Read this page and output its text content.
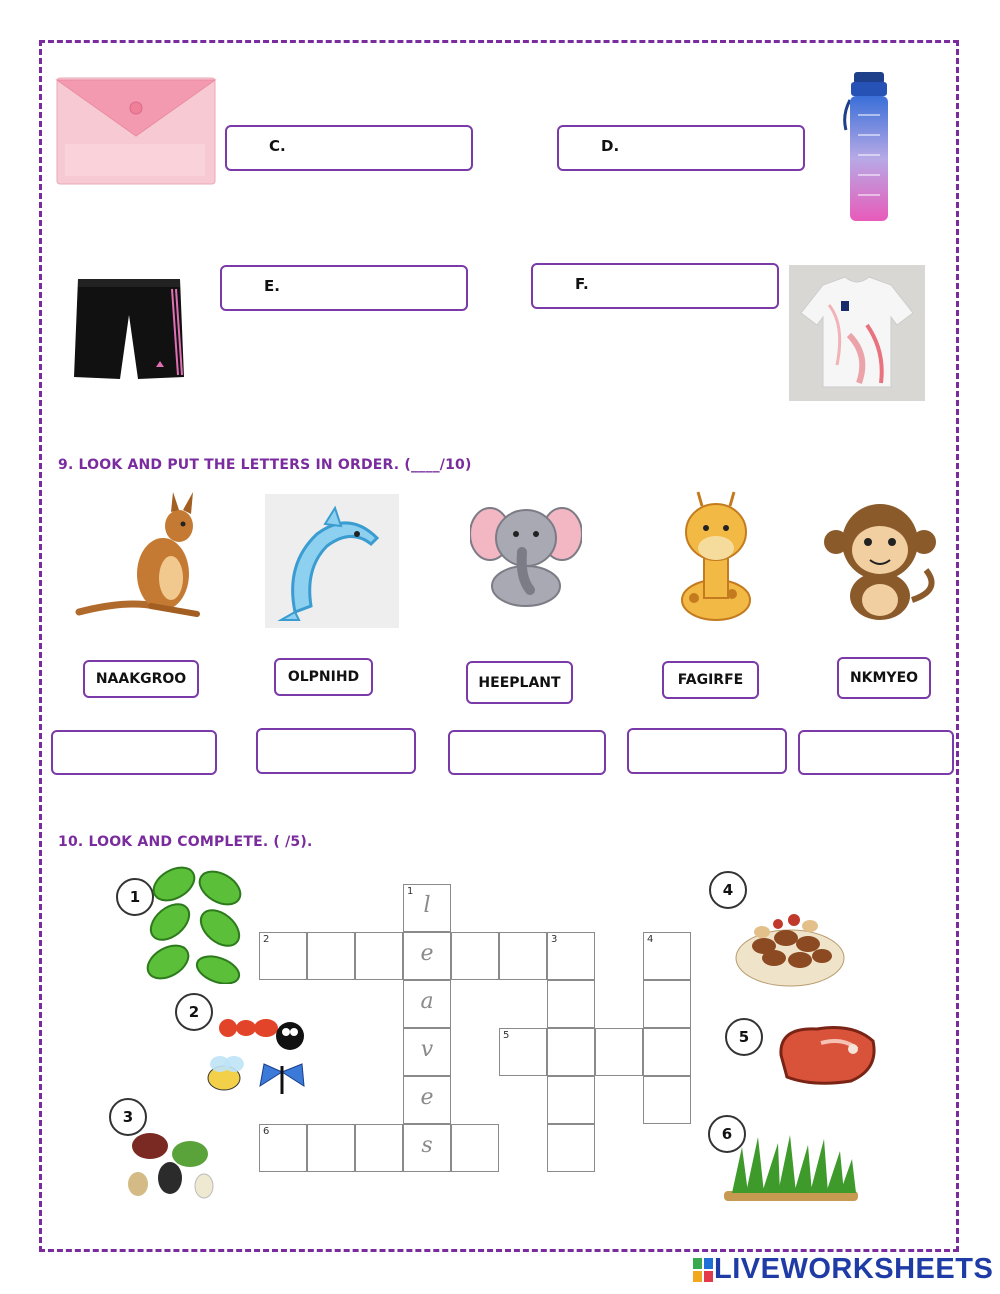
C.	D.
E.	F.
9. LOOK AND PUT THE LETTERS IN ORDER. (____/10)
NAAKGROO	OLPNIHD	HEEPLANT	FAGIRFE	NKMYEO
10. LOOK AND COMPLETE. ( /5).
1
2
3
4
5
6
1
l
e
a
v
e
s
2	3	4
5
6
LIVEWORKSHEETS
